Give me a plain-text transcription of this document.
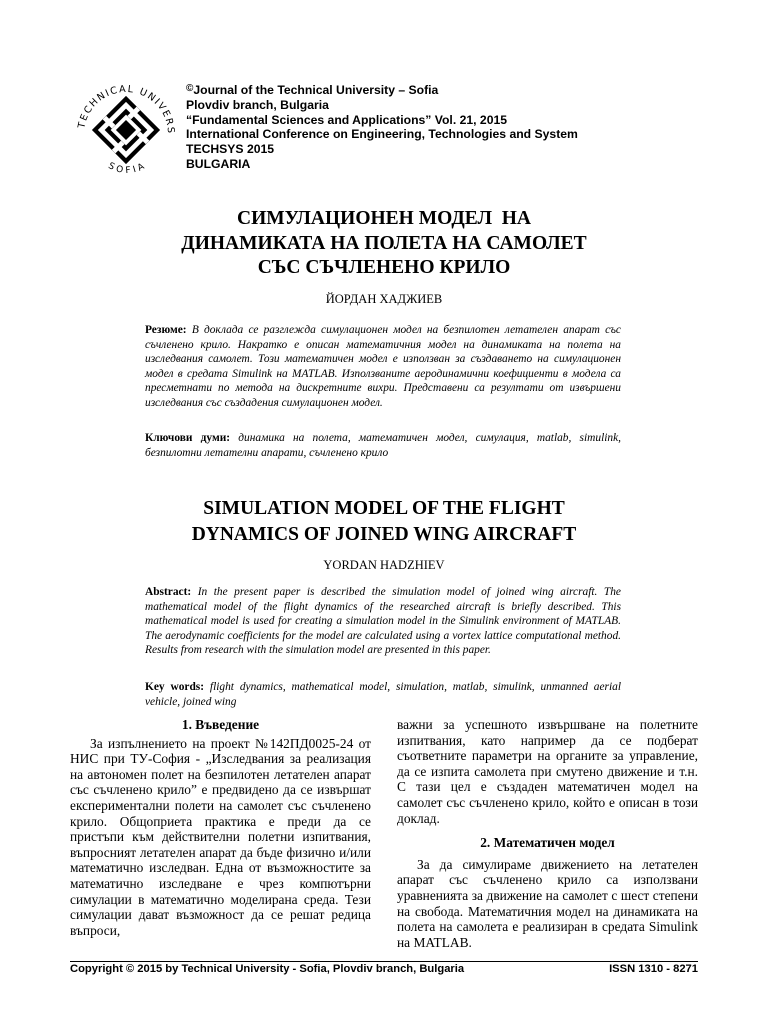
TECHNICAL UNIVERS
SOFIA
©Journal of the Technical University – Sofia
Plovdiv branch, Bulgaria
“Fundamental Sciences and Applications” Vol. 21, 2015
International Conference on Engineering, Technologies and System
TECHSYS 2015
BULGARIA
СИМУЛАЦИОНЕН МОДЕЛ  НА
ДИНАМИКАТА НА ПОЛЕТА НА САМОЛЕТ
СЪС СЪЧЛЕНЕНО КРИЛО
ЙОРДАН ХАДЖИЕВ
Резюме: В доклада се разглежда симулационен модел на безпилотен летателен апарат със съчленено крило. Накратко е описан математичния модел на динамиката на полета на изследвания самолет. Този математичен модел е използван за създаването на симулационен модел в средата Simulink на MATLAB. Използваните аеродинамични коефициенти в модела са пресметнати по метода на дискретните вихри. Представени са резултати от извършени изследвания със създадения симулационен модел.
Ключови думи: динамика на полета, математичен модел, симулация, matlab, simulink, безпилотни летателни апарати, съчленено крило
SIMULATION MODEL OF THE FLIGHT
DYNAMICS OF JOINED WING AIRCRAFT
YORDAN HADZHIEV
Abstract: In the present paper is described the simulation model of joined wing aircraft. The mathematical model of the flight dynamics of the researched aircraft is briefly described. This mathematical model is used for creating a simulation model in the Simulink environment of MATLAB. The aerodynamic coefficients for the model are calculated using a vortex lattice computational method. Results from research with the simulation model are presented in this paper.
Key words: flight dynamics, mathematical model, simulation, matlab, simulink, unmanned aerial vehicle, joined wing
1. Въведение

За изпълнението на проект №142ПД0025-24 от НИС при ТУ-София - „Изследвания за реализация на автономен полет на безпилотен летателен апарат със съчленено крило” е предвидено да се извършат експериментални полети на самолет със съчленено крило. Общоприета практика е преди да се пристъпи към действителни полетни изпитвания, въпросният летателен апарат да бъде физично и/или математично изследван. Една от възможностите за математично изследване е чрез компютърни симулации в математично моделирана среда. Тези симулации дават възможност да се решат редица въпроси,

важни за успешното извършване на полетните изпитвания, като например да се подберат съответните параметри на органите за управление, да се изпита самолета при смутено движение и т.н. С тази цел е създаден математичен модел на самолет със съчленено крило, който е описан в този доклад.

2. Математичен модел

За да симулираме движението на летателен апарат със съчленено крило са използвани уравненията за движение на самолет с шест степени на свобода. Математичния модел на динамиката на полета на самолета е реализиран в средата Simulink на MATLAB.

Copyright © 2015 by Technical University - Sofia, Plovdiv branch, Bulgaria	ISSN 1310 - 8271
